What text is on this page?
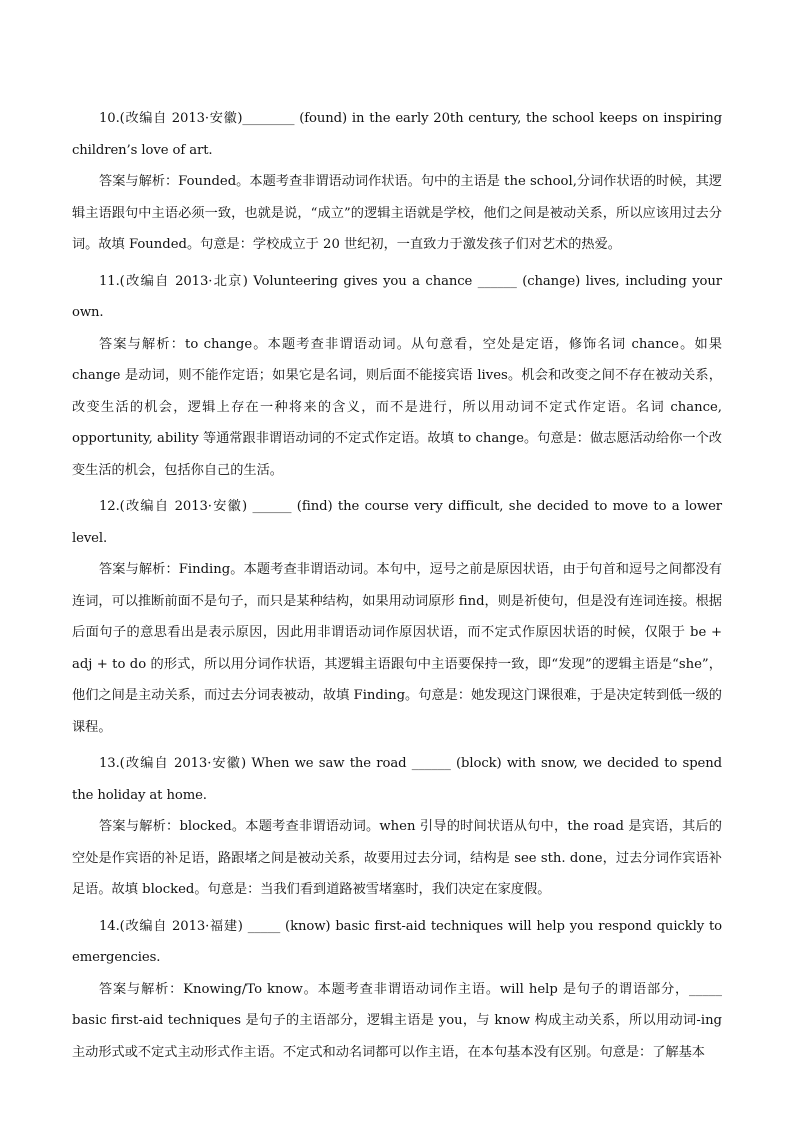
10.(改编自 2013·安徽)________ (found) in the early 20th century, the school keeps on inspiring children’s love of art.

答案与解析：Founded。本题考查非谓语动词作状语。句中的主语是 the school,分词作状语的时候，其逻辑主语跟句中主语必须一致，也就是说，“成立”的逻辑主语就是学校，他们之间是被动关系，所以应该用过去分词。故填 Founded。句意是：学校成立于 20 世纪初，一直致力于激发孩子们对艺术的热爱。

11.(改编自 2013·北京) Volunteering gives you a chance ______ (change) lives, including your own.

答案与解析：to change。本题考查非谓语动词。从句意看，空处是定语，修饰名词 chance。如果 change 是动词，则不能作定语；如果它是名词，则后面不能接宾语 lives。机会和改变之间不存在被动关系，改变生活的机会，逻辑上存在一种将来的含义，而不是进行，所以用动词不定式作定语。名词 chance, opportunity, ability 等通常跟非谓语动词的不定式作定语。故填 to change。句意是：做志愿活动给你一个改变生活的机会，包括你自己的生活。

12.(改编自 2013·安徽) ______ (find) the course very difficult, she decided to move to a lower level.

答案与解析：Finding。本题考查非谓语动词。本句中，逗号之前是原因状语，由于句首和逗号之间都没有连词，可以推断前面不是句子，而只是某种结构，如果用动词原形 find，则是祈使句，但是没有连词连接。根据后面句子的意思看出是表示原因，因此用非谓语动词作原因状语，而不定式作原因状语的时候，仅限于 be + adj + to do 的形式，所以用分词作状语，其逻辑主语跟句中主语要保持一致，即“发现”的逻辑主语是“she”，他们之间是主动关系，而过去分词表被动，故填 Finding。句意是：她发现这门课很难，于是决定转到低一级的课程。

13.(改编自 2013·安徽) When we saw the road ______ (block) with snow, we decided to spend the holiday at home.

答案与解析：blocked。本题考查非谓语动词。when 引导的时间状语从句中，the road 是宾语，其后的空处是作宾语的补足语，路跟堵之间是被动关系，故要用过去分词，结构是 see sth. done，过去分词作宾语补足语。故填 blocked。句意是：当我们看到道路被雪堵塞时，我们决定在家度假。

14.(改编自 2013·福建) _____ (know) basic first-aid techniques will help you respond quickly to emergencies.

答案与解析：Knowing/To know。本题考查非谓语动词作主语。will help 是句子的谓语部分，_____ basic first-aid techniques 是句子的主语部分，逻辑主语是 you，与 know 构成主动关系，所以用动词-ing 主动形式或不定式主动形式作主语。不定式和动名词都可以作主语，在本句基本没有区别。句意是：了解基本
